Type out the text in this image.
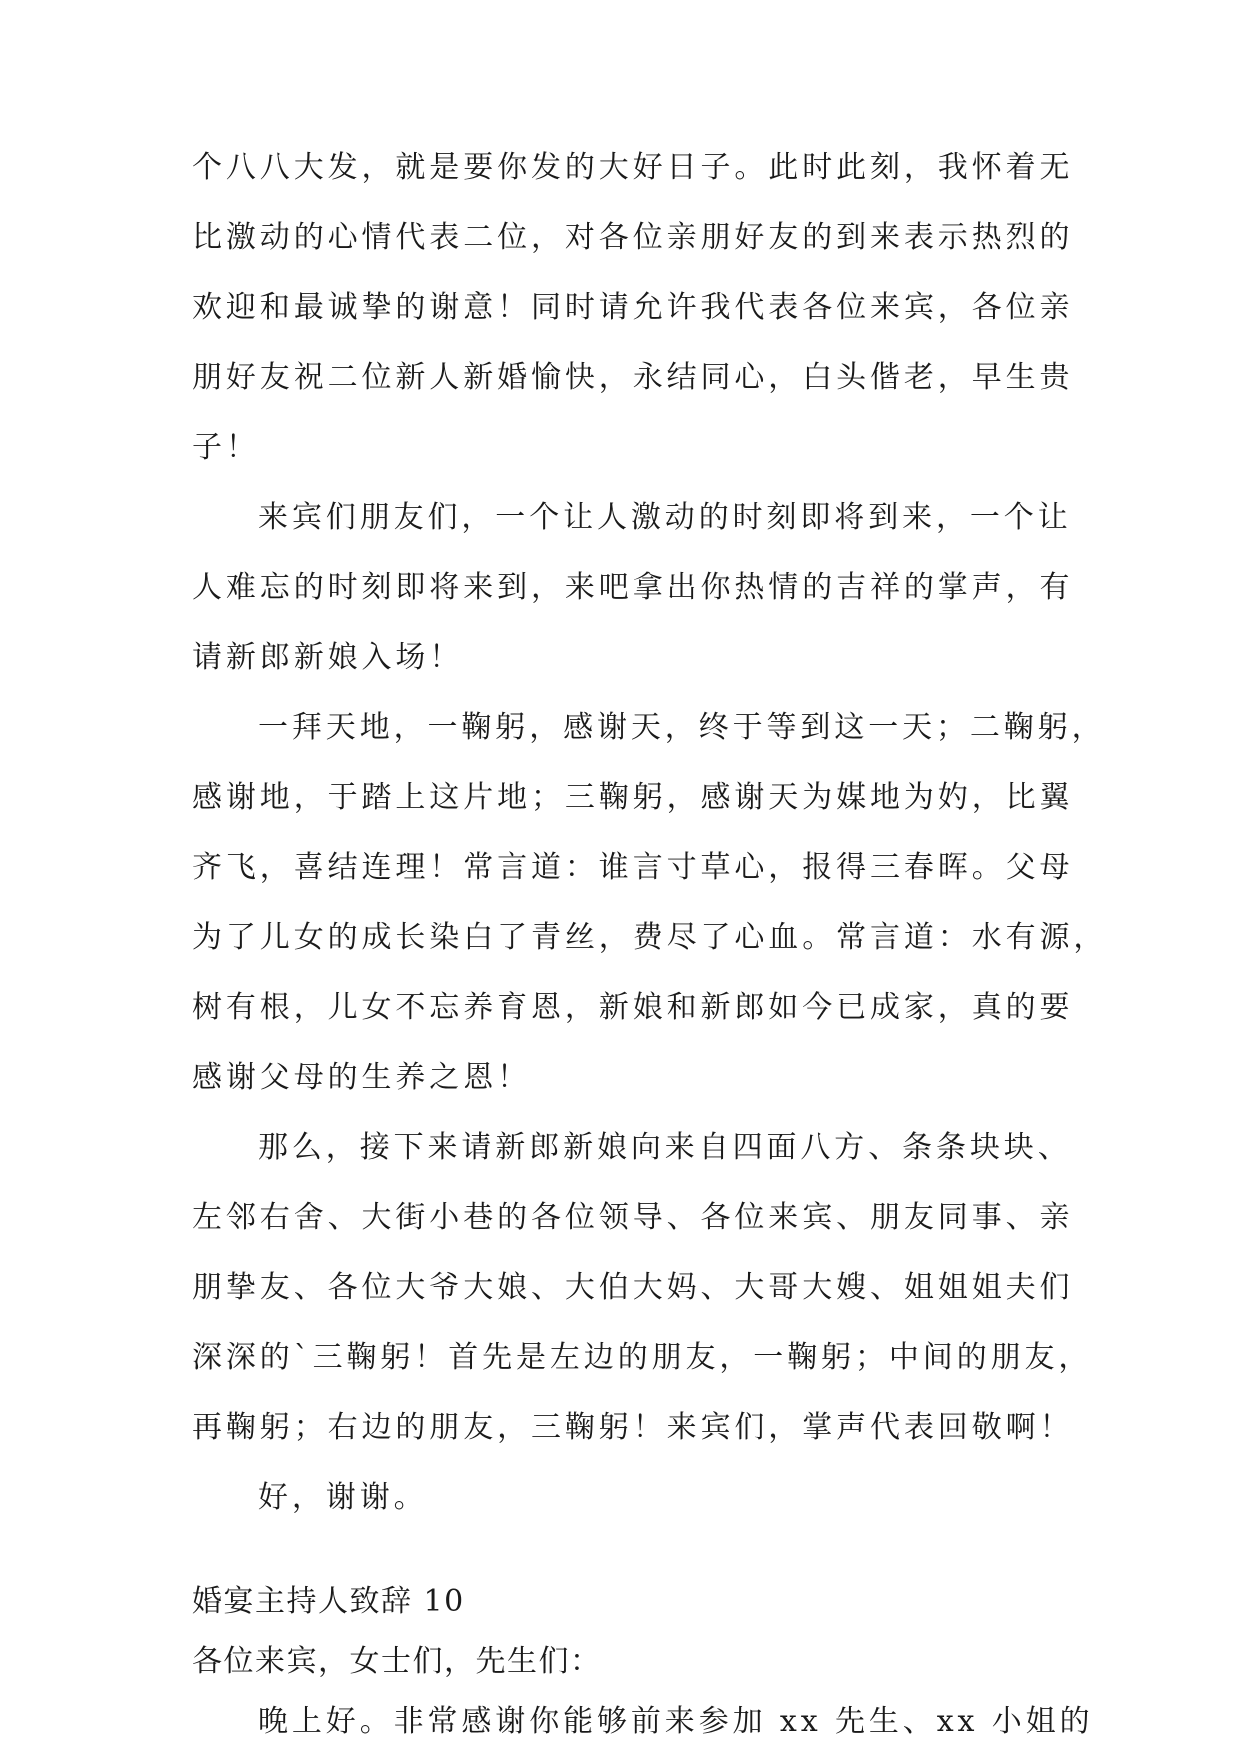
个八八大发，就是要你发的大好日子。此时此刻，我怀着无
比激动的心情代表二位，对各位亲朋好友的到来表示热烈的
欢迎和最诚挚的谢意！同时请允许我代表各位来宾，各位亲
朋好友祝二位新人新婚愉快，永结同心，白头偕老，早生贵
子！
来宾们朋友们，一个让人激动的时刻即将到来，一个让
人难忘的时刻即将来到，来吧拿出你热情的吉祥的掌声，有
请新郎新娘入场！
一拜天地，一鞠躬，感谢天，终于等到这一天；二鞠躬，
感谢地，于踏上这片地；三鞠躬，感谢天为媒地为妁，比翼
齐飞，喜结连理！常言道：谁言寸草心，报得三春晖。父母
为了儿女的成长染白了青丝，费尽了心血。常言道：水有源，
树有根，儿女不忘养育恩，新娘和新郎如今已成家，真的要
感谢父母的生养之恩！
那么，接下来请新郎新娘向来自四面八方、条条块块、
左邻右舍、大街小巷的各位领导、各位来宾、朋友同事、亲
朋挚友、各位大爷大娘、大伯大妈、大哥大嫂、姐姐姐夫们
深深的`三鞠躬！首先是左边的朋友，一鞠躬；中间的朋友，
再鞠躬；右边的朋友，三鞠躬！来宾们，掌声代表回敬啊！
好，谢谢。
婚宴主持人致辞 10
各位来宾，女士们，先生们：
晚上好。非常感谢你能够前来参加 xx 先生、xx 小姐的
